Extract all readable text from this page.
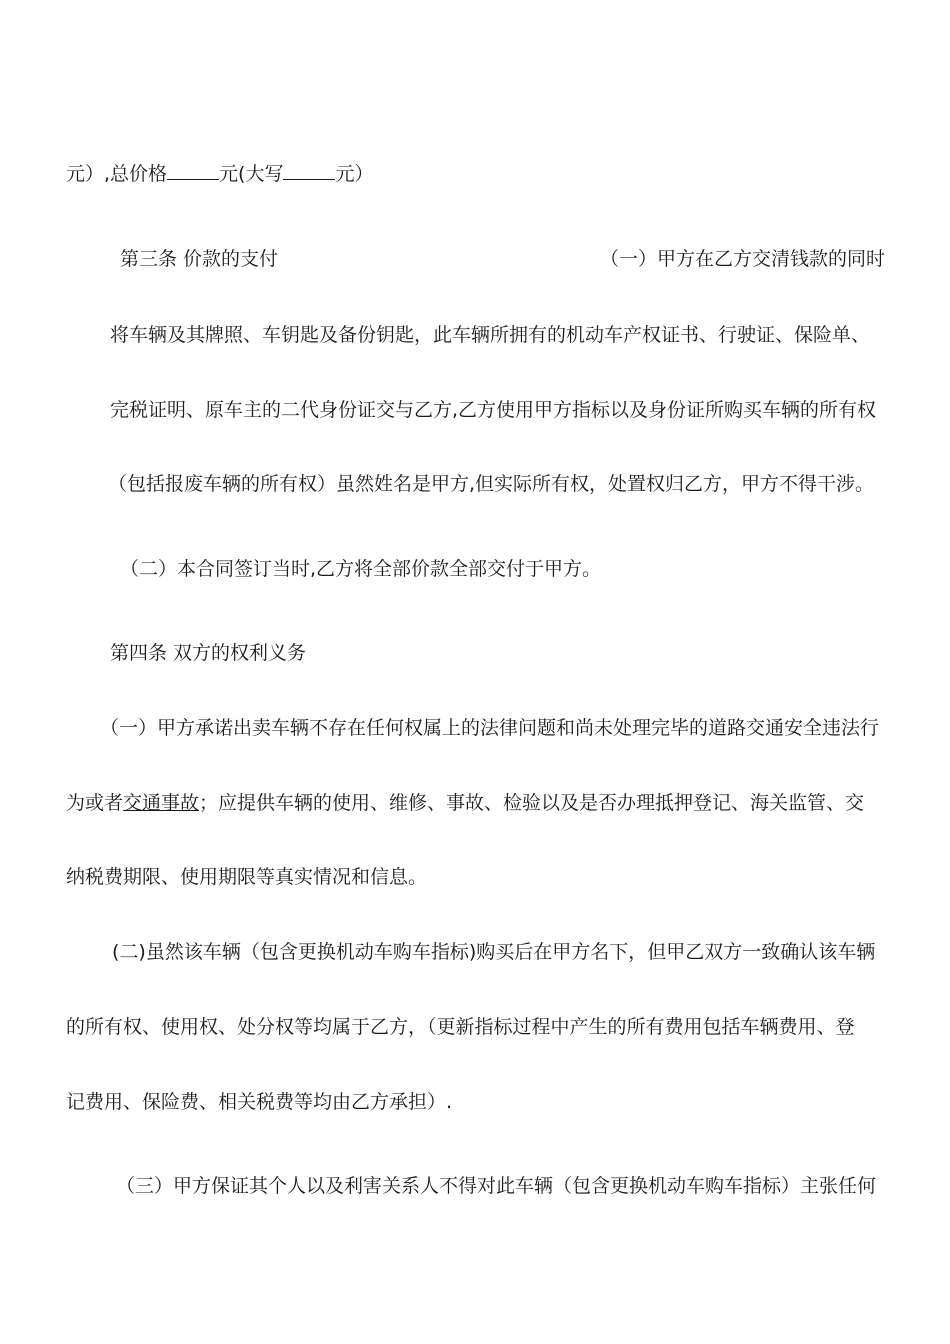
元）,总价格	元(大写	元）
第三条 价款的支付	（一）甲方在乙方交清钱款的同时
将车辆及其牌照、车钥匙及备份钥匙，此车辆所拥有的机动车产权证书、行驶证、保险单、
完税证明、原车主的二代身份证交与乙方,乙方使用甲方指标以及身份证所购买车辆的所有权
（包括报废车辆的所有权）虽然姓名是甲方,但实际所有权，处置权归乙方，甲方不得干涉。
（二）本合同签订当时,乙方将全部价款全部交付于甲方。
第四条 双方的权利义务
（一）甲方承诺出卖车辆不存在任何权属上的法律问题和尚未处理完毕的道路交通安全违法行
为或者交通事故；应提供车辆的使用、维修、事故、检验以及是否办理抵押登记、海关监管、交
纳税费期限、使用期限等真实情况和信息。
(二)虽然该车辆（包含更换机动车购车指标)购买后在甲方名下，但甲乙双方一致确认该车辆
的所有权、使用权、处分权等均属于乙方，（更新指标过程中产生的所有费用包括车辆费用、登
记费用、保险费、相关税费等均由乙方承担）.
（三）甲方保证其个人以及利害关系人不得对此车辆（包含更换机动车购车指标）主张任何
